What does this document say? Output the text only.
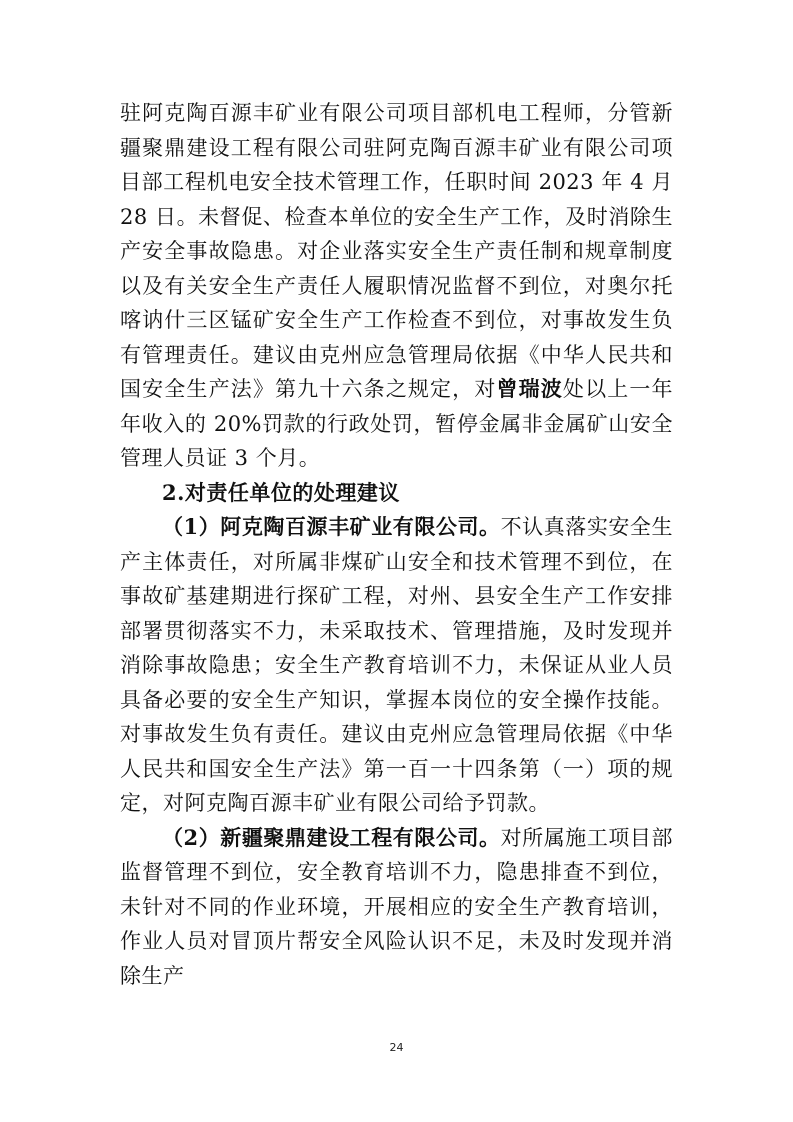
驻阿克陶百源丰矿业有限公司项目部机电工程师，分管新疆聚鼎建设工程有限公司驻阿克陶百源丰矿业有限公司项目部工程机电安全技术管理工作，任职时间 2023 年 4 月 28 日。未督促、检查本单位的安全生产工作，及时消除生产安全事故隐患。对企业落实安全生产责任制和规章制度以及有关安全生产责任人履职情况监督不到位，对奥尔托喀讷什三区锰矿安全生产工作检查不到位，对事故发生负有管理责任。建议由克州应急管理局依据《中华人民共和国安全生产法》第九十六条之规定，对曾瑞波处以上一年年收入的 20%罚款的行政处罚，暂停金属非金属矿山安全管理人员证 3 个月。

2.对责任单位的处理建议

（1）阿克陶百源丰矿业有限公司。不认真落实安全生产主体责任，对所属非煤矿山安全和技术管理不到位，在事故矿基建期进行探矿工程，对州、县安全生产工作安排部署贯彻落实不力，未采取技术、管理措施，及时发现并消除事故隐患；安全生产教育培训不力，未保证从业人员具备必要的安全生产知识，掌握本岗位的安全操作技能。对事故发生负有责任。建议由克州应急管理局依据《中华人民共和国安全生产法》第一百一十四条第（一）项的规定，对阿克陶百源丰矿业有限公司给予罚款。

（2）新疆聚鼎建设工程有限公司。对所属施工项目部监督管理不到位，安全教育培训不力，隐患排查不到位，未针对不同的作业环境，开展相应的安全生产教育培训，作业人员对冒顶片帮安全风险认识不足，未及时发现并消除生产

24
